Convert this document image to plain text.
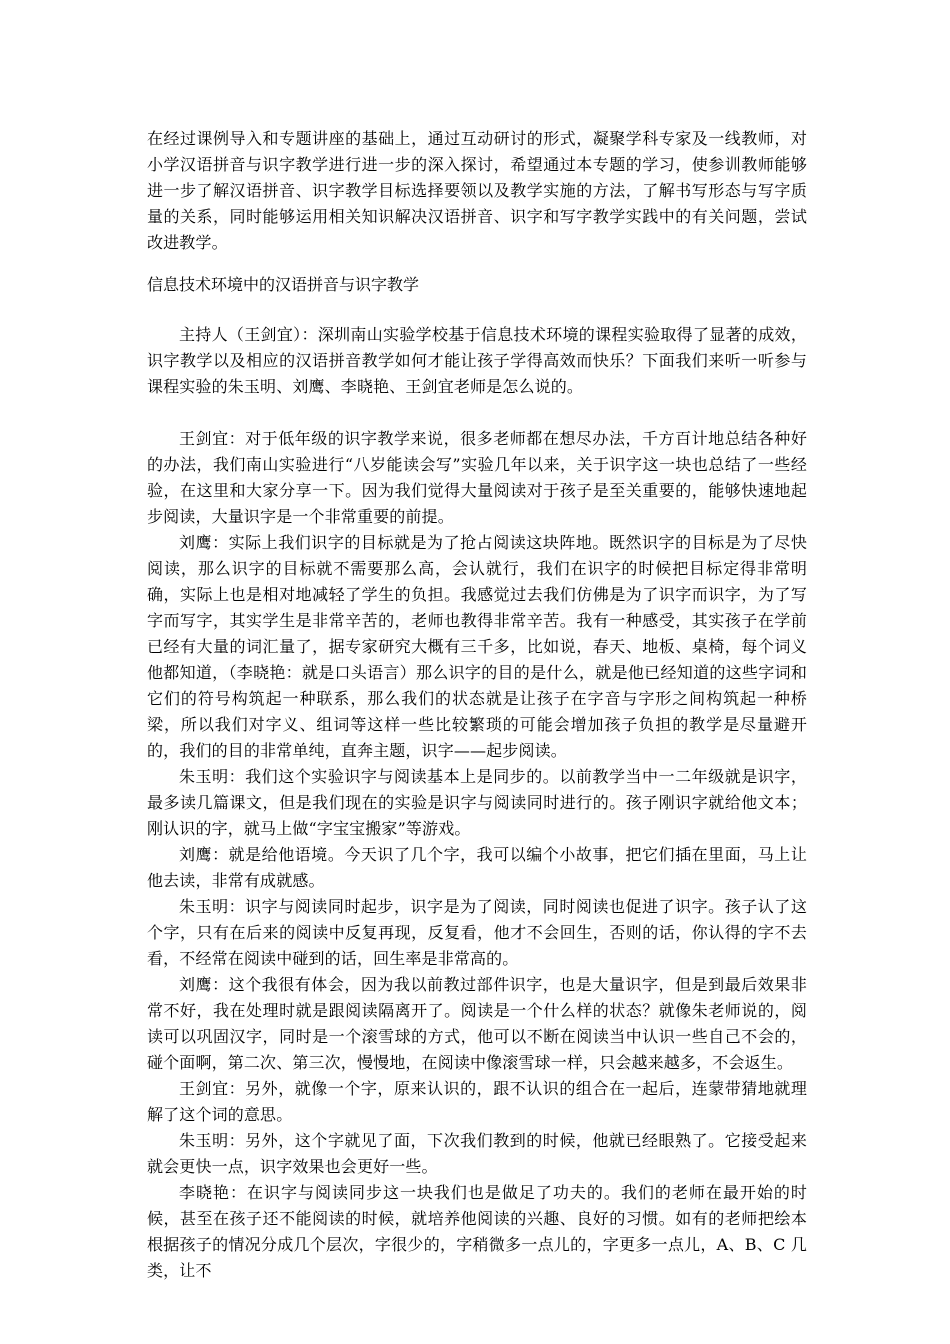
在经过课例导入和专题讲座的基础上，通过互动研讨的形式，凝聚学科专家及一线教师，对小学汉语拼音与识字教学进行进一步的深入探讨，希望通过本专题的学习，使参训教师能够进一步了解汉语拼音、识字教学目标选择要领以及教学实施的方法，了解书写形态与写字质量的关系，同时能够运用相关知识解决汉语拼音、识字和写字教学实践中的有关问题，尝试改进教学。

信息技术环境中的汉语拼音与识字教学

主持人（王剑宜）：深圳南山实验学校基于信息技术环境的课程实验取得了显著的成效，识字教学以及相应的汉语拼音教学如何才能让孩子学得高效而快乐？下面我们来听一听参与课程实验的朱玉明、刘鹰、李晓艳、王剑宜老师是怎么说的。

王剑宜：对于低年级的识字教学来说，很多老师都在想尽办法，千方百计地总结各种好的办法，我们南山实验进行“八岁能读会写”实验几年以来，关于识字这一块也总结了一些经验，在这里和大家分享一下。因为我们觉得大量阅读对于孩子是至关重要的，能够快速地起步阅读，大量识字是一个非常重要的前提。

刘鹰：实际上我们识字的目标就是为了抢占阅读这块阵地。既然识字的目标是为了尽快阅读，那么识字的目标就不需要那么高，会认就行，我们在识字的时候把目标定得非常明确，实际上也是相对地减轻了学生的负担。我感觉过去我们仿佛是为了识字而识字，为了写字而写字，其实学生是非常辛苦的，老师也教得非常辛苦。我有一种感受，其实孩子在学前已经有大量的词汇量了，据专家研究大概有三千多，比如说，春天、地板、桌椅，每个词义他都知道，（李晓艳：就是口头语言）那么识字的目的是什么，就是他已经知道的这些字词和它们的符号构筑起一种联系，那么我们的状态就是让孩子在字音与字形之间构筑起一种桥梁，所以我们对字义、组词等这样一些比较繁琐的可能会增加孩子负担的教学是尽量避开的，我们的目的非常单纯，直奔主题，识字——起步阅读。

朱玉明：我们这个实验识字与阅读基本上是同步的。以前教学当中一二年级就是识字，最多读几篇课文，但是我们现在的实验是识字与阅读同时进行的。孩子刚识字就给他文本；刚认识的字，就马上做“字宝宝搬家”等游戏。

刘鹰：就是给他语境。今天识了几个字，我可以编个小故事，把它们插在里面，马上让他去读，非常有成就感。

朱玉明：识字与阅读同时起步，识字是为了阅读，同时阅读也促进了识字。孩子认了这个字，只有在后来的阅读中反复再现，反复看，他才不会回生，否则的话，你认得的字不去看，不经常在阅读中碰到的话，回生率是非常高的。

刘鹰：这个我很有体会，因为我以前教过部件识字，也是大量识字，但是到最后效果非常不好，我在处理时就是跟阅读隔离开了。阅读是一个什么样的状态？就像朱老师说的，阅读可以巩固汉字，同时是一个滚雪球的方式，他可以不断在阅读当中认识一些自己不会的，碰个面啊，第二次、第三次，慢慢地，在阅读中像滚雪球一样，只会越来越多，不会返生。

王剑宜：另外，就像一个字，原来认识的，跟不认识的组合在一起后，连蒙带猜地就理解了这个词的意思。

朱玉明：另外，这个字就见了面，下次我们教到的时候，他就已经眼熟了。它接受起来就会更快一点，识字效果也会更好一些。

李晓艳：在识字与阅读同步这一块我们也是做足了功夫的。我们的老师在最开始的时候，甚至在孩子还不能阅读的时候，就培养他阅读的兴趣、良好的习惯。如有的老师把绘本根据孩子的情况分成几个层次，字很少的，字稍微多一点儿的，字更多一点儿，A、B、C 几类，让不
